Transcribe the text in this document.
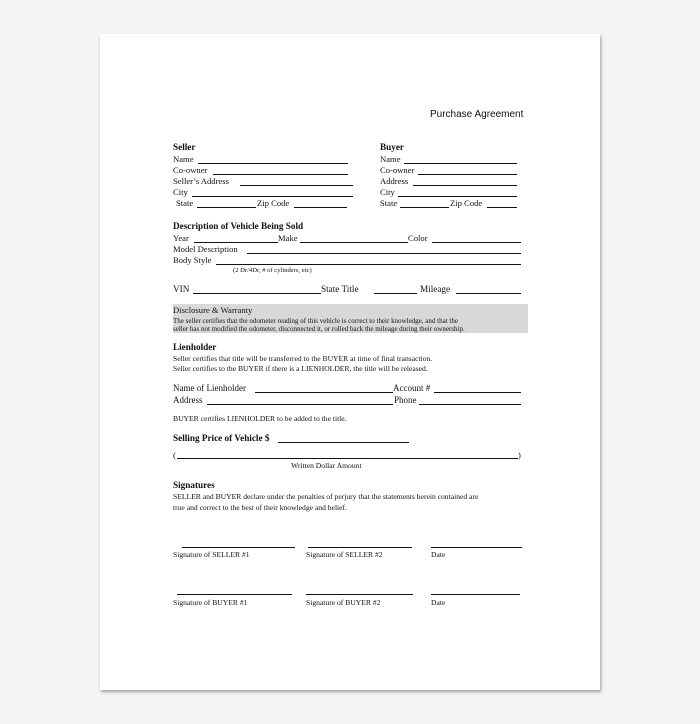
Purchase Agreement
Seller
Name
Co-owner
Seller’s Address
City
State	Zip Code
Buyer
Name
Co-owner
Address
City
State	Zip Code
Description of Vehicle Being Sold
Year	Make	Color
Model Description
Body Style
(2 Dr/4Dr, # of cylinders, etc)
VIN	State Title	Mileage
Disclosure & Warranty
The seller certifies that the odometer reading of this vehicle is correct to their knowledge, and that the
seller has not modified the odometer, disconnected it, or rolled back the mileage during their ownership.
Lienholder
Seller certifies that title will be transferred to the BUYER at time of final transaction.
Seller certifies to the BUYER if there is a LIENHOLDER, the title will be released.
Name of Lienholder	Account #
Address	Phone
BUYER certifies LIENHOLDER to be added to the title.
Selling Price of Vehicle $
(	)
Written Dollar Amount
Signatures
SELLER and BUYER declare under the penalties of perjury that the statements herein contained are
true and correct to the best of their knowledge and belief.
Signature of SELLER #1	Signature of SELLER #2	Date
Signature of BUYER #1	Signature of BUYER #2	Date
